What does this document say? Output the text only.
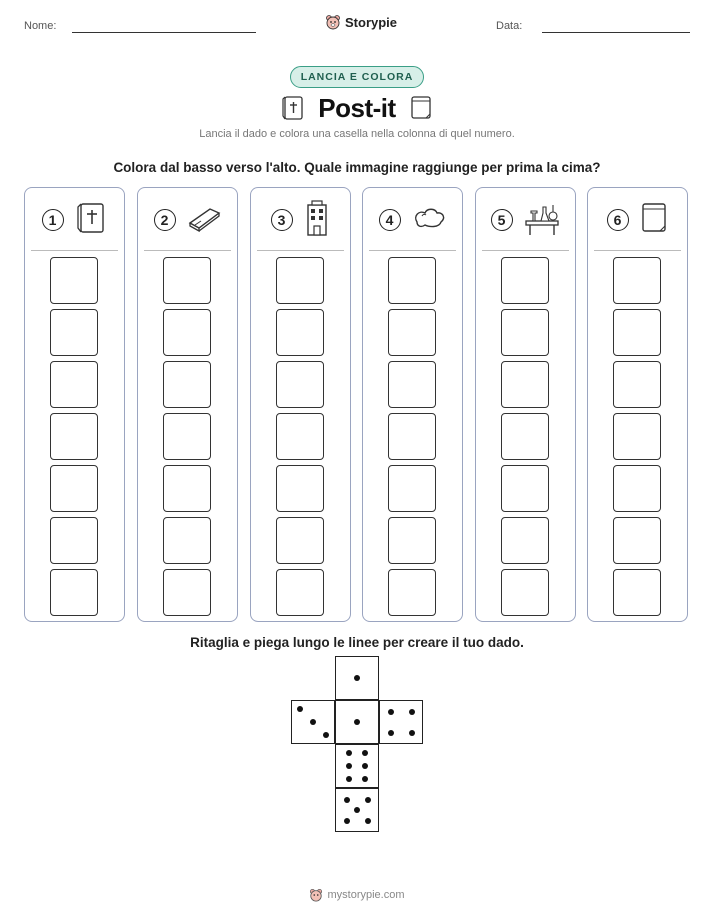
Nome:	Storypie	Data:
LANCIA E COLORA
Post-it
Lancia il dado e colora una casella nella colonna di quel numero.
Colora dal basso verso l'alto. Quale immagine raggiunge per prima la cima?
1	2	3	4	5	6
Ritaglia e piega lungo le linee per creare il tuo dado.
mystorypie.com
